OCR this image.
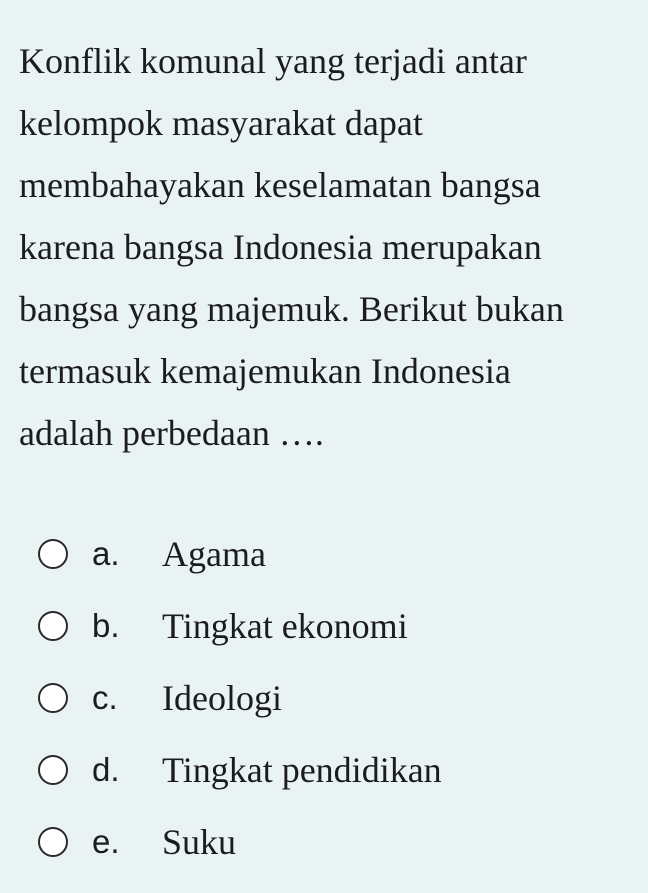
Konflik komunal yang terjadi antar
kelompok masyarakat dapat
membahayakan keselamatan bangsa
karena bangsa Indonesia merupakan
bangsa yang majemuk. Berikut bukan
termasuk kemajemukan Indonesia
adalah perbedaan ….
a.	Agama
b.	Tingkat ekonomi
c.	Ideologi
d.	Tingkat pendidikan
e.	Suku
